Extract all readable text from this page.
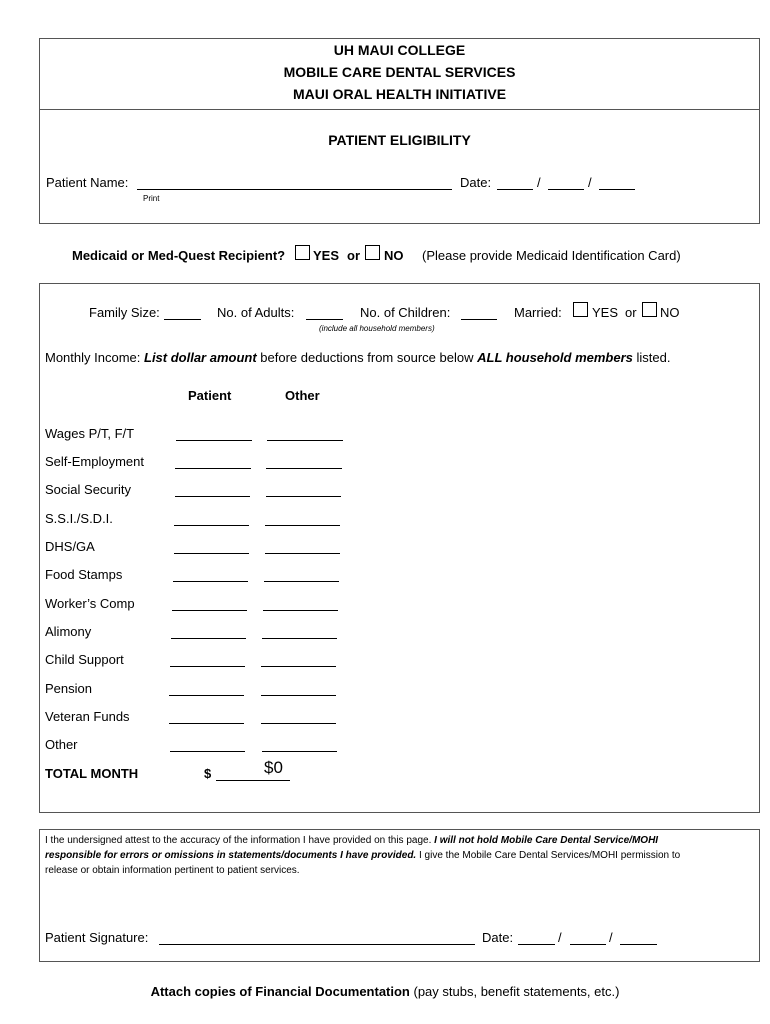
UH MAUI COLLEGE
MOBILE CARE DENTAL SERVICES
MAUI ORAL HEALTH INITIATIVE
PATIENT ELIGIBILITY
Patient Name:
Print
Date:	/	/
Medicaid or Med-Quest Recipient? YES or NO (Please provide Medicaid Identification Card)
Family Size:	No. of Adults:	No. of Children:
(include all household members)
Married: YES or NO
Monthly Income: List dollar amount before deductions from source below ALL household members listed.
Patient	Other
Wages P/T, F/T
Self-Employment
Social Security
S.S.I./S.D.I.
DHS/GA
Food Stamps
Worker’s Comp
Alimony
Child Support
Pension
Veteran Funds
Other
TOTAL MONTH	$	$0
I the undersigned attest to the accuracy of the information I have provided on this page. I will not hold Mobile Care Dental Service/MOHI responsible for errors or omissions in statements/documents I have provided. I give the Mobile Care Dental Services/MOHI permission to release or obtain information pertinent to patient services.
Patient Signature:	Date:	/	/
Attach copies of Financial Documentation (pay stubs, benefit statements, etc.)
